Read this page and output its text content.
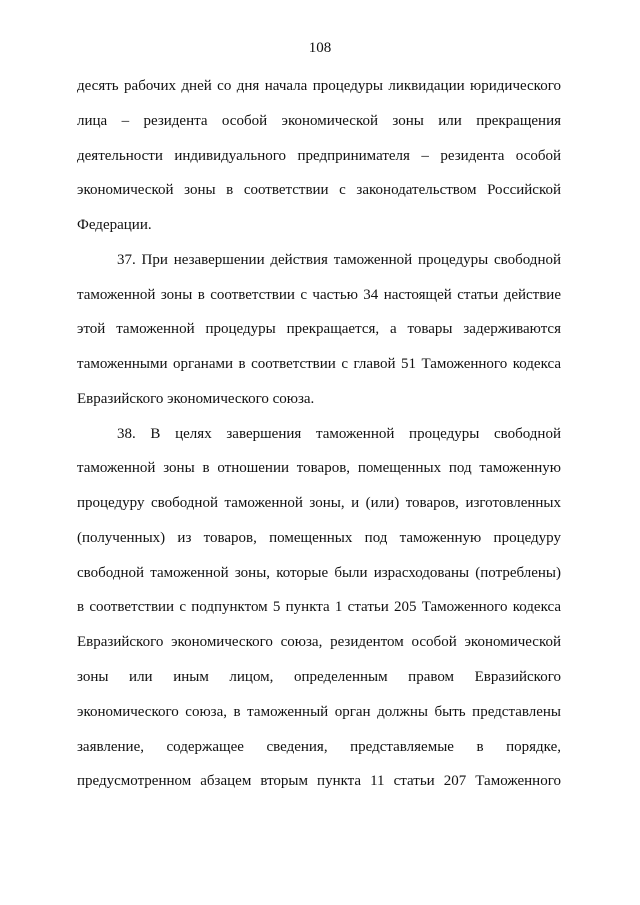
108
десять рабочих дней со дня начала процедуры ликвидации юридического
лица – резидента особой экономической зоны или прекращения
деятельности индивидуального предпринимателя – резидента особой
экономической зоны в соответствии с законодательством Российской
Федерации.
37. При незавершении действия таможенной процедуры свободной
таможенной зоны в соответствии с частью 34 настоящей статьи действие
этой таможенной процедуры прекращается, а товары задерживаются
таможенными органами в соответствии с главой 51 Таможенного кодекса
Евразийского экономического союза.
38. В целях завершения таможенной процедуры свободной
таможенной зоны в отношении товаров, помещенных под таможенную
процедуру свободной таможенной зоны, и (или) товаров, изготовленных
(полученных) из товаров, помещенных под таможенную процедуру
свободной таможенной зоны, которые были израсходованы (потреблены)
в соответствии с подпунктом 5 пункта 1 статьи 205 Таможенного кодекса
Евразийского экономического союза, резидентом особой экономической
зоны или иным лицом, определенным правом Евразийского
экономического союза, в таможенный орган должны быть представлены
заявление, содержащее сведения, представляемые в порядке,
предусмотренном абзацем вторым пункта 11 статьи 207 Таможенного
